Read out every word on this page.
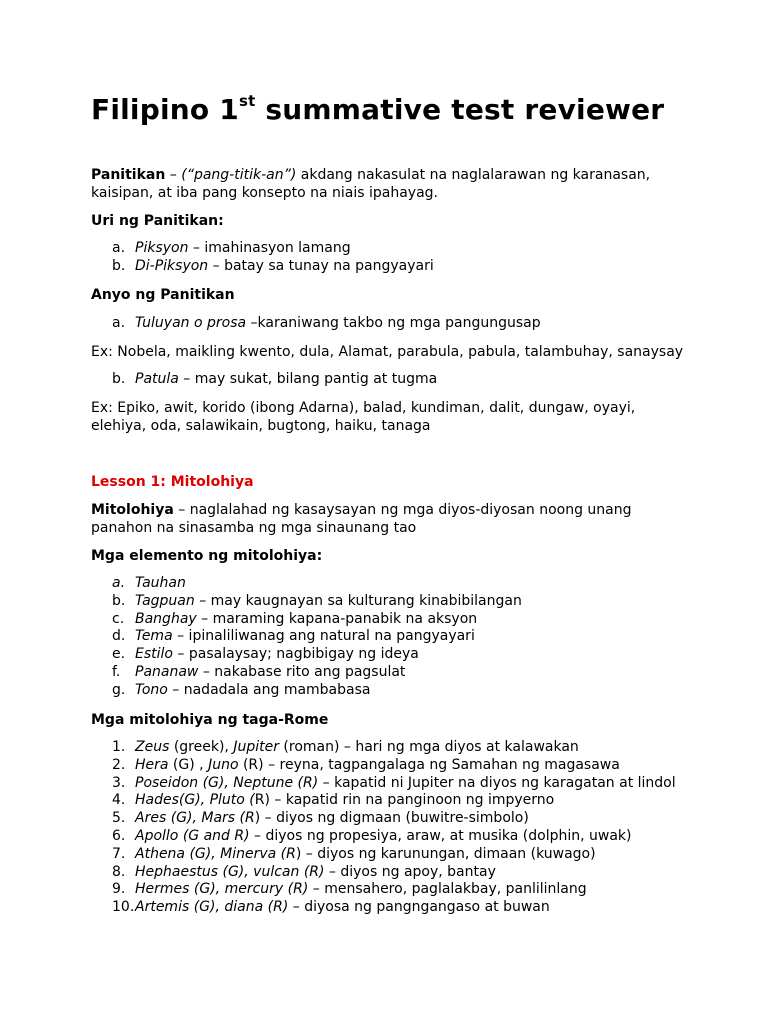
Filipino 1st summative test reviewer

Panitikan – (“pang-titik-an”) akdang nakasulat na naglalarawan ng karanasan, kaisipan, at iba pang konsepto na niais ipahayag.

Uri ng Panitikan:

a. Piksyon – imahinasyon lamang
b. Di-Piksyon – batay sa tunay na pangyayari

Anyo ng Panitikan

a. Tuluyan o prosa –karaniwang takbo ng mga pangungusap

Ex: Nobela, maikling kwento, dula, Alamat, parabula, pabula, talambuhay, sanaysay

b. Patula – may sukat, bilang pantig at tugma

Ex: Epiko, awit, korido (ibong Adarna), balad, kundiman, dalit, dungaw, oyayi, elehiya, oda, salawikain, bugtong, haiku, tanaga

Lesson 1: Mitolohiya

Mitolohiya – naglalahad ng kasaysayan ng mga diyos-diyosan noong unang panahon na sinasamba ng mga sinaunang tao

Mga elemento ng mitolohiya:

a. Tauhan
b. Tagpuan – may kaugnayan sa kulturang kinabibilangan
c. Banghay – maraming kapana-panabik na aksyon
d. Tema – ipinaliliwanag ang natural na pangyayari
e. Estilo – pasalaysay; nagbibigay ng ideya
f. Pananaw – nakabase rito ang pagsulat
g. Tono – nadadala ang mambabasa

Mga mitolohiya ng taga-Rome

1. Zeus (greek), Jupiter (roman) – hari ng mga diyos at kalawakan
2. Hera (G) , Juno (R) – reyna, tagpangalaga ng Samahan ng magasawa
3. Poseidon (G), Neptune (R) – kapatid ni Jupiter na diyos ng karagatan at lindol
4. Hades(G), Pluto (R) – kapatid rin na panginoon ng impyerno
5. Ares (G), Mars (R) – diyos ng digmaan (buwitre-simbolo)
6. Apollo (G and R) – diyos ng propesiya, araw, at musika (dolphin, uwak)
7. Athena (G), Minerva (R) – diyos ng karunungan, dimaan (kuwago)
8. Hephaestus (G), vulcan (R) – diyos ng apoy, bantay
9. Hermes (G), mercury (R) – mensahero, paglalakbay, panlilinlang
10. Artemis (G), diana (R) – diyosa ng pangngangaso at buwan
